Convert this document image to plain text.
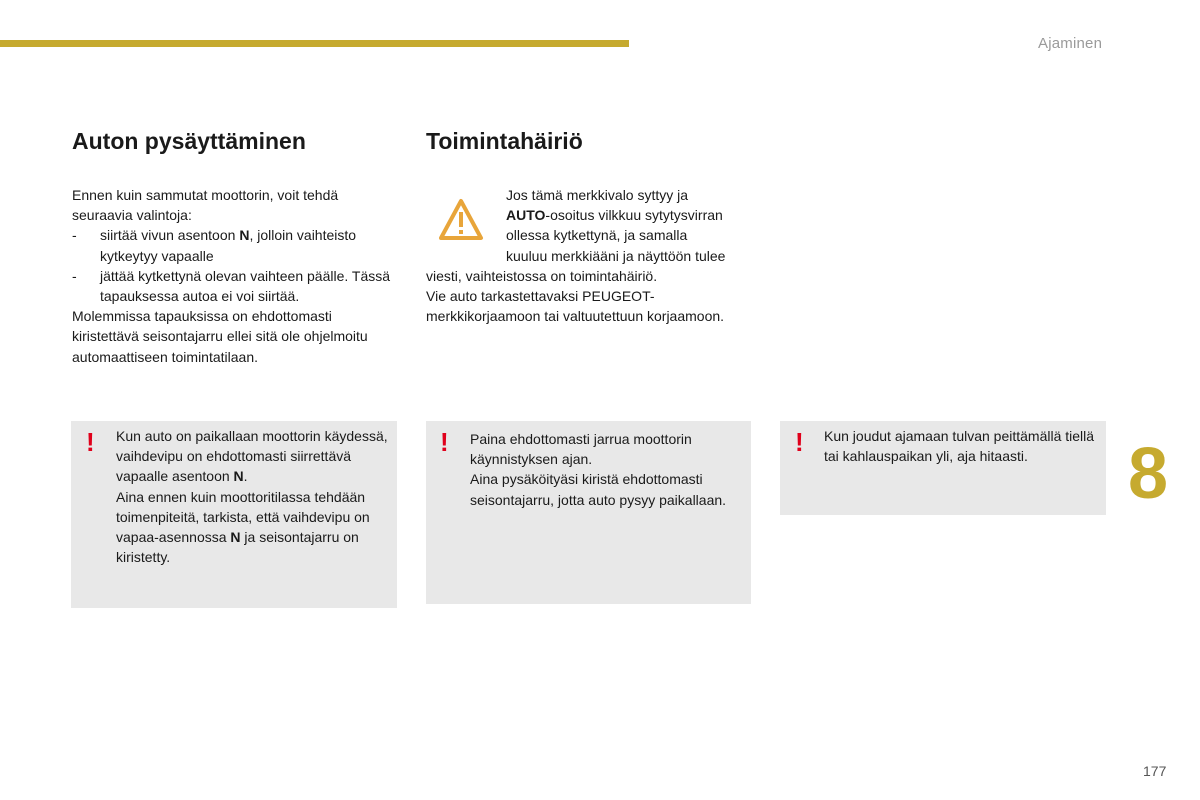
Ajaminen
Auton pysäyttäminen

Ennen kuin sammutat moottorin, voit tehdä seuraavia valintoja:

- siirtää vivun asentoon N, jolloin vaihteisto kytkeytyy vapaalle

- jättää kytkettynä olevan vaihteen päälle. Tässä tapauksessa autoa ei voi siirtää.

Molemmissa tapauksissa on ehdottomasti kiristettävä seisontajarru ellei sitä ole ohjelmoitu automaattiseen toimintatilaan.

Toimintahäiriö

Jos tämä merkkivalo syttyy ja
AUTO-osoitus vilkkuu sytytysvirran
ollessa kytkettynä, ja samalla
kuuluu merkkiääni ja näyttöön tulee
viesti, vaihteistossa on toimintahäiriö.

Vie auto tarkastettavaksi PEUGEOT-merkkikorjaamoon tai valtuutettuun korjaamoon.

! Kun auto on paikallaan moottorin käydessä, vaihdevipu on ehdottomasti siirrettävä vapaalle asentoon N.

Aina ennen kuin moottoritilassa tehdään toimenpiteitä, tarkista, että vaihdevipu on vapaa-asennossa N ja seisontajarru on kiristetty.

! Paina ehdottomasti jarrua moottorin käynnistyksen ajan.

Aina pysäköityäsi kiristä ehdottomasti seisontajarru, jotta auto pysyy paikallaan.

! Kun joudut ajamaan tulvan peittämällä tiellä tai kahlauspaikan yli, aja hitaasti.	8
177
